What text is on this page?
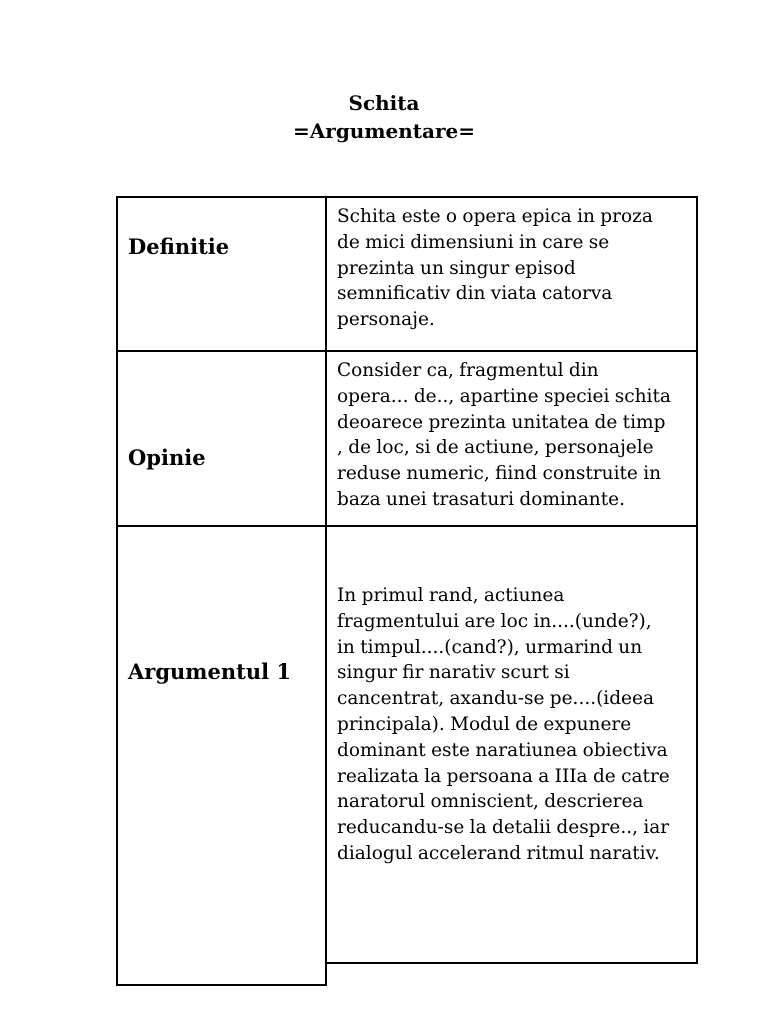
Schita
=Argumentare=
Definitie
Schita este o opera epica in proza
de mici dimensiuni in care se
prezinta un singur episod
semnificativ din viata catorva
personaje.
Opinie
Consider ca, fragmentul din
opera... de.., apartine speciei schita
deoarece prezinta unitatea de timp
, de loc, si de actiune, personajele
reduse numeric, fiind construite in
baza unei trasaturi dominante.
Argumentul 1
In primul rand, actiunea
fragmentului are loc in....(unde?),
in timpul....(cand?), urmarind un
singur fir narativ scurt si
cancentrat, axandu-se pe....(ideea
principala). Modul de expunere
dominant este naratiunea obiectiva
realizata la persoana a IIIa de catre
naratorul omniscient, descrierea
reducandu-se la detalii despre.., iar
dialogul accelerand ritmul narativ.
